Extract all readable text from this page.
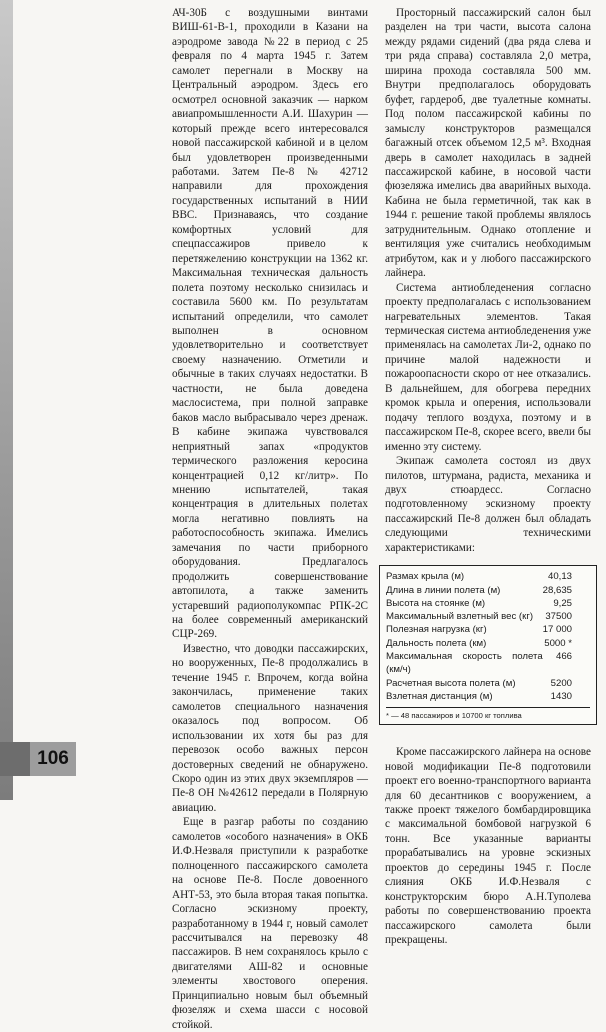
106

АЧ-30Б с воздушными винтами ВИШ-61-В-1, проходили в Казани на аэродроме завода №22 в период с 25 февраля по 4 марта 1945 г. Затем самолет перегнали в Москву на Центральный аэродром. Здесь его осмотрел основной заказчик — нарком авиапромышленности А.И. Шахурин — который прежде всего интересовался новой пассажирской кабиной и в целом был удовлетворен произведенными работами. Затем Пе-8 № 42712 направили для прохождения государственных испытаний в НИИ ВВС. Признаваясь, что создание комфортных условий для спецпассажиров привело к перетяжелению конструкции на 1362 кг. Максимальная техническая дальность полета поэтому несколько снизилась и составила 5600 км. По результатам испытаний определили, что самолет выполнен в основном удовлетворительно и соответствует своему назначению. Отметили и обычные в таких случаях недостатки. В частности, не была доведена маслосистема, при полной заправке баков масло выбрасывало через дренаж. В кабине экипажа чувствовался неприятный запах «продуктов термического разложения керосина концентрацией 0,12 кг/литр». По мнению испытателей, такая концентрация в длительных полетах могла негативно повлиять на работоспособность экипажа. Имелись замечания по части приборного оборудования. Предлагалось продолжить совершенствование автопилота, а также заменить устаревший радиополукомпас РПК-2С на более современный американский СЦР-269.

Известно, что доводки пассажирских, но вооруженных, Пе-8 продолжались в течение 1945 г. Впрочем, когда война закончилась, применение таких самолетов специального назначения оказалось под вопросом. Об использовании их хотя бы раз для перевозок особо важных персон достоверных сведений не обнаружено. Скоро один из этих двух экземпляров — Пе-8 ОН №42612 передали в Полярную авиацию.

Еще в разгар работы по созданию самолетов «особого назначения» в ОКБ И.Ф.Незваля приступили к разработке полноценного пассажирского самолета на основе Пе-8. После довоенного АНТ-53, это была вторая такая попытка. Согласно эскизному проекту, разработанному в 1944 г, новый самолет рассчитывался на перевозку 48 пассажиров. В нем сохранялось крыло с двигателями АШ-82 и основные элементы хвостового оперения. Принципиально новым был объемный фюзеляж и схема шасси с носовой стойкой.

Просторный пассажирский салон был разделен на три части, высота салона между рядами сидений (два ряда слева и три ряда справа) составляла 2,0 метра, ширина прохода составляла 500 мм. Внутри предполагалось оборудовать буфет, гардероб, две туалетные комнаты. Под полом пассажирской кабины по замыслу конструкторов размещался багажный отсек объемом 12,5 м³. Входная дверь в самолет находилась в задней пассажирской кабине, в носовой части фюзеляжа имелись два аварийных выхода. Кабина не была герметичной, так как в 1944 г. решение такой проблемы являлось затруднительным. Однако отопление и вентиляция уже считались необходимым атрибутом, как и у любого пассажирского лайнера.

Система антиобледенения согласно проекту предполагалась с использованием нагревательных элементов. Такая термическая система антиобледенения уже применялась на самолетах Ли-2, однако по причине малой надежности и пожароопасности скоро от нее отказались. В дальнейшем, для обогрева передних кромок крыла и оперения, использовали подачу теплого воздуха, поэтому и в пассажирском Пе-8, скорее всего, ввели бы именно эту систему.

Экипаж самолета состоял из двух пилотов, штурмана, радиста, механика и двух стюардесс. Согласно подготовленному эскизному проекту пассажирский Пе-8 должен был обладать следующими техническими характеристиками:

Размах крыла (м)	40,13
Длина в линии полета (м)	28,635
Высота на стоянке (м)	9,25
Максимальный взлетный вес (кг)	37500
Полезная нагрузка (кг)	17 000
Дальность полета (км)	5000 *
Максимальная скорость полета (км/ч)	466
Расчетная высота полета (м)	5200
Взлетная дистанция (м)	1430
* — 48 пассажиров и 10700 кг топлива

Кроме пассажирского лайнера на основе новой модификации Пе-8 подготовили проект его военно-транспортного варианта для 60 десантников с вооружением, а также проект тяжелого бомбардировщика с максимальной бомбовой нагрузкой 6 тонн. Все указанные варианты прорабатывались на уровне эскизных проектов до середины 1945 г. После слияния ОКБ И.Ф.Незваля с конструкторским бюро А.Н.Туполева работы по совершенствованию проекта пассажирского самолета были прекращены.
